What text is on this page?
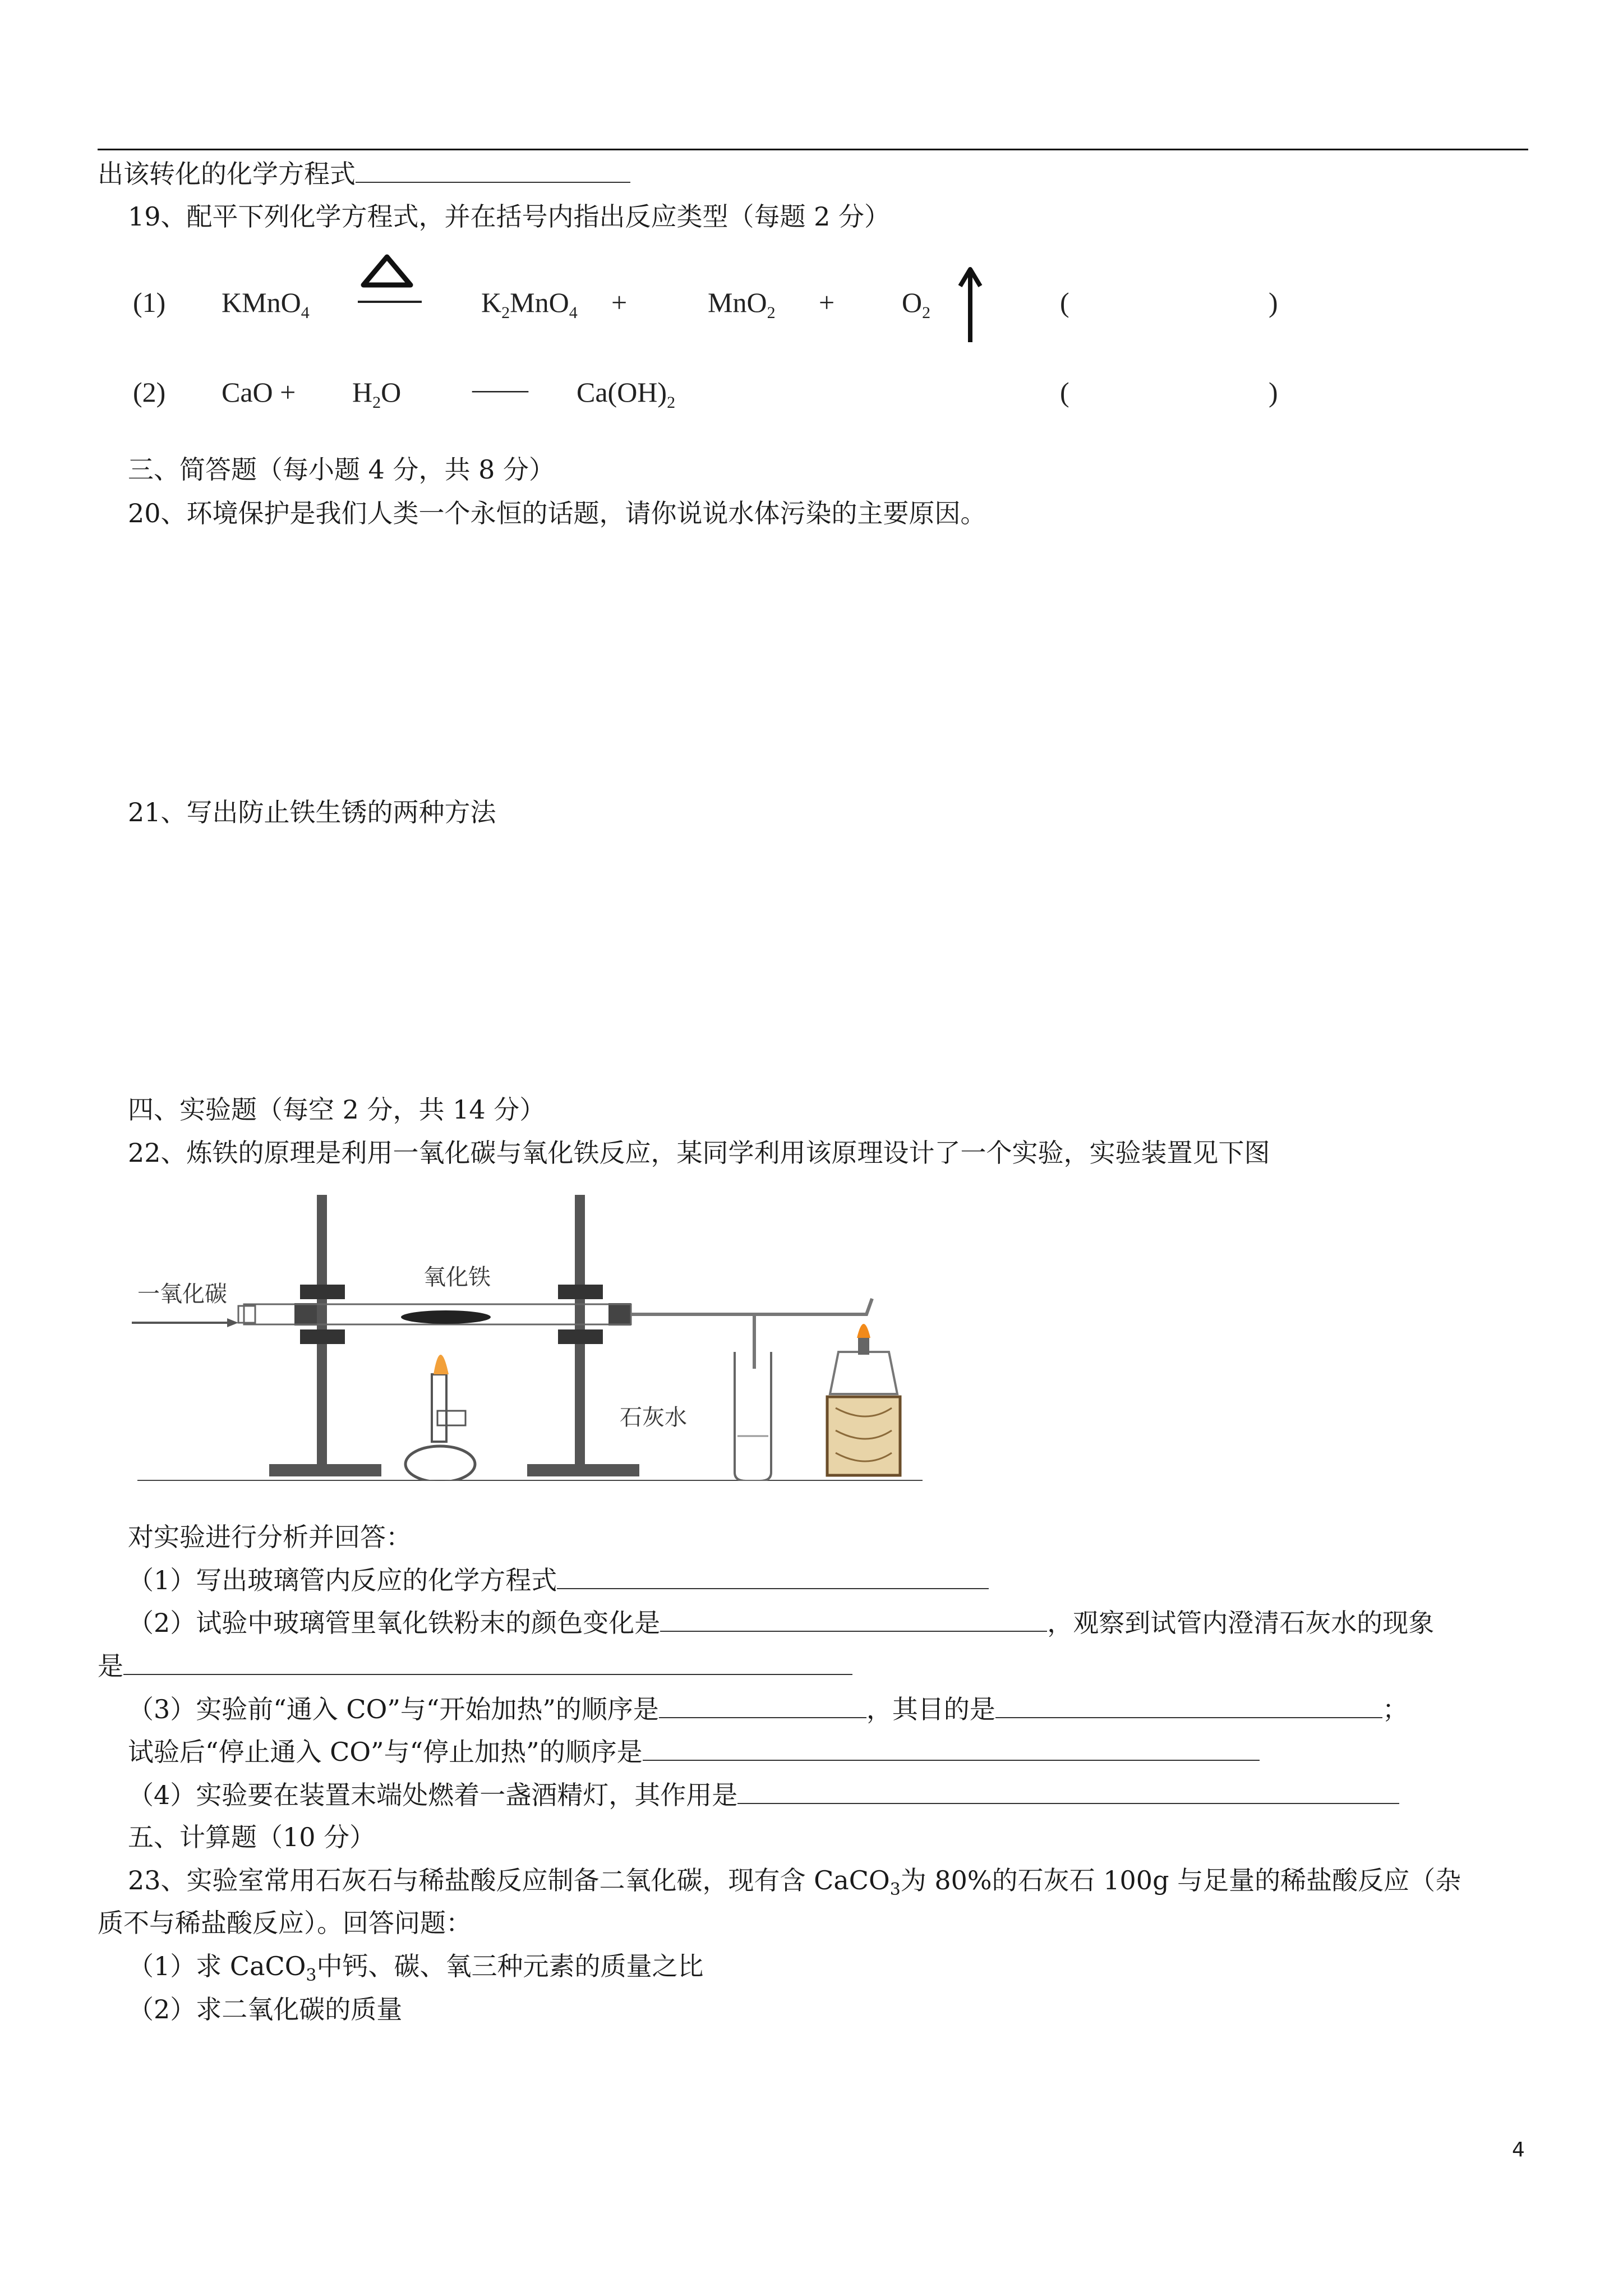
出该转化的化学方程式
19、配平下列化学方程式，并在括号内指出反应类型（每题 2 分）
(1) KMnO$_4$	$K_2MnO_4$ +	$MnO_2 + O_2$	(	)
(2) CaO + $H_2O$	—— $Ca(OH)_2$	(	)
三、简答题（每小题 4 分，共 8 分）
20、环境保护是我们人类一个永恒的话题，请你说说水体污染的主要原因。
21、写出防止铁生锈的两种方法
四、实验题（每空 2 分，共 14 分）
22、炼铁的原理是利用一氧化碳与氧化铁反应，某同学利用该原理设计了一个实验，实验装置见下图
一氧化碳
氧化铁
石灰水
对实验进行分析并回答：
（1）写出玻璃管内反应的化学方程式
（2）试验中玻璃管里氧化铁粉末的颜色变化是	，观察到试管内澄清石灰水的现象
是
（3）实验前“通入 CO”与“开始加热”的顺序是	，其目的是	；
试验后“停止通入 CO”与“停止加热”的顺序是
（4）实验要在装置末端处燃着一盏酒精灯，其作用是
五、计算题（10 分）
23、实验室常用石灰石与稀盐酸反应制备二氧化碳，现有含 CaCO$_3$为 80%的石灰石 100g 与足量的稀盐酸反应（杂
质不与稀盐酸反应）。回答问题：
（1）求 CaCO$_3$中钙、碳、氧三种元素的质量之比
（2）求二氧化碳的质量
4
